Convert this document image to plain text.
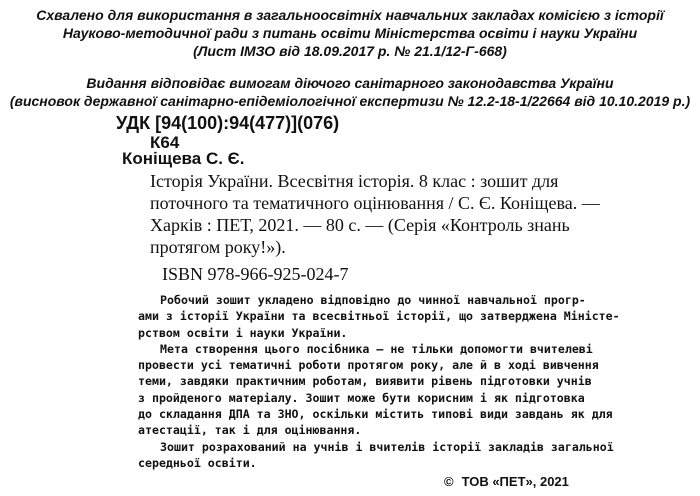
Схвалено для використання в загальноосвітніх навчальних закладах комісією з історії
Науково-методичної ради з питань освіти Міністерства освіти і науки України
(Лист ІМЗО від 18.09.2017 р. № 21.1/12-Г-668)
Видання відповідає вимогам діючого санітарного законодавства України
(висновок державної санітарно-епідеміологічної експертизи № 12.2-18-1/22664 від 10.10.2019 р.)
УДК [94(100):94(477)](076)
К64
Коніщева С. Є.
Історія України. Всесвітня історія. 8 клас : зошит для
поточного та тематичного оцінювання / С. Є. Коніщева. —
Харків : ПЕТ, 2021. — 80 с. — (Серія «Контроль знань
протягом року!»).
ISBN 978-966-925-024-7
Робочий зошит укладено відповідно до чинної навчальної прогр-
ами з історії України та всесвітньої історії, що затверджена Міністе-
рством освіти і науки України.
Мета створення цього посібника — не тільки допомогти вчителеві
провести усі тематичні роботи протягом року, але й в ході вивчення
теми, завдяки практичним роботам, виявити рівень підготовки учнів
з пройденого матеріалу. Зошит може бути корисним і як підготовка
до складання ДПА та ЗНО, оскільки містить типові види завдань як для
атестації, так і для оцінювання.
Зошит розрахований на учнів і вчителів історії закладів загальної
середньої освіти.
© ТОВ «ПЕТ», 2021
